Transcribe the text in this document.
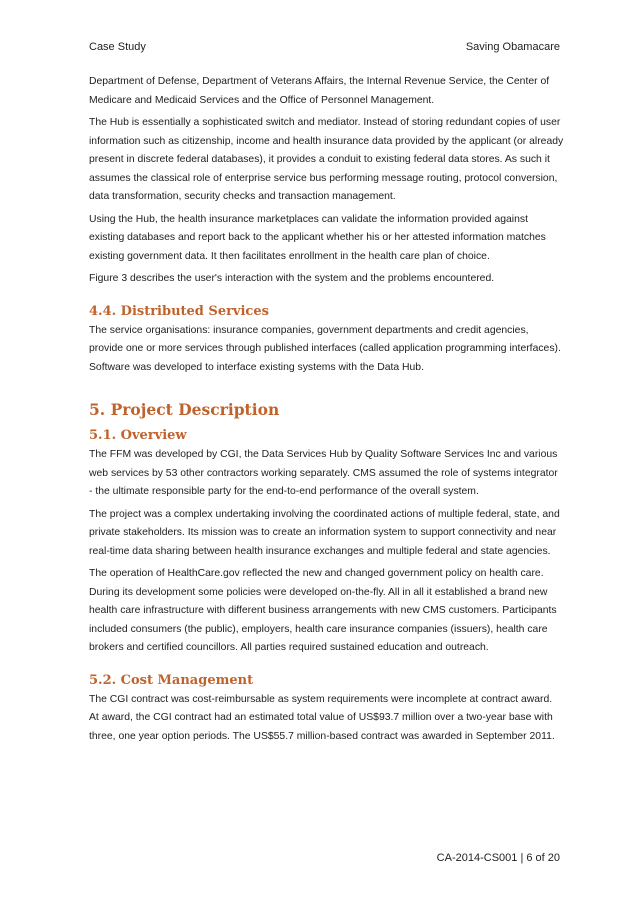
Case Study	Saving Obamacare

Department of Defense, Department of Veterans Affairs, the Internal Revenue Service, the Center of Medicare and Medicaid Services and the Office of Personnel Management.

The Hub is essentially a sophisticated switch and mediator. Instead of storing redundant copies of user information such as citizenship, income and health insurance data provided by the applicant (or already present in discrete federal databases), it provides a conduit to existing federal data stores. As such it assumes the classical role of enterprise service bus performing message routing, protocol conversion, data transformation, security checks and transaction management.

Using the Hub, the health insurance marketplaces can validate the information provided against existing databases and report back to the applicant whether his or her attested information matches existing government data. It then facilitates enrollment in the health care plan of choice.

Figure 3 describes the user's interaction with the system and the problems encountered.

4.4. Distributed Services

The service organisations: insurance companies, government departments and credit agencies, provide one or more services through published interfaces (called application programming interfaces). Software was developed to interface existing systems with the Data Hub.

5. Project Description
5.1. Overview

The FFM was developed by CGI, the Data Services Hub by Quality Software Services Inc and various web services by 53 other contractors working separately. CMS assumed the role of systems integrator - the ultimate responsible party for the end-to-end performance of the overall system.

The project was a complex undertaking involving the coordinated actions of multiple federal, state, and private stakeholders. Its mission was to create an information system to support connectivity and near real-time data sharing between health insurance exchanges and multiple federal and state agencies.

The operation of HealthCare.gov reflected the new and changed government policy on health care. During its development some policies were developed on-the-fly. All in all it established a brand new health care infrastructure with different business arrangements with new CMS customers. Participants included consumers (the public), employers, health care insurance companies (issuers), health care brokers and certified councillors. All parties required sustained education and outreach.

5.2. Cost Management

The CGI contract was cost-reimbursable as system requirements were incomplete at contract award. At award, the CGI contract had an estimated total value of US$93.7 million over a two-year base with three, one year option periods. The US$55.7 million-based contract was awarded in September 2011.

CA-2014-CS001 | 6 of 20
